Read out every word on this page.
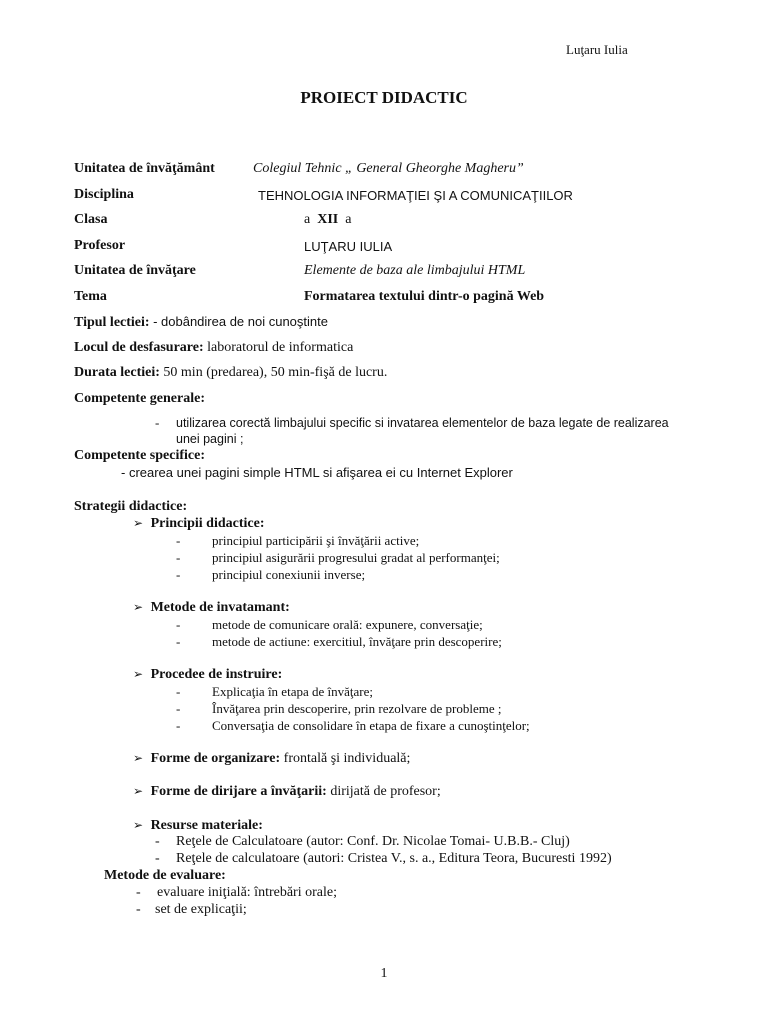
Luţaru Iulia
PROIECT DIDACTIC
Unitatea de învăţământ	Colegiul Tehnic „ General Gheorghe Magheru”
Disciplina	TEHNOLOGIA INFORMAŢIEI ŞI A COMUNICAŢIILOR
Clasa	a XII a
Profesor	LUŢARU IULIA
Unitatea de învăţare	Elemente de baza ale limbajului HTML
Tema	Formatarea textului dintr-o pagină Web
Tipul lectiei: - dobândirea de noi cunoştinte
Locul de desfasurare: laboratorul de informatica
Durata lectiei: 50 min (predarea), 50 min-fişă de lucru.
Competente generale:
- utilizarea corectă limbajului specific si invatarea elementelor de baza legate de realizarea
unei pagini ;
Competente specifice:
- crearea unei pagini simple HTML si afişarea ei cu Internet Explorer
Strategii didactice:
➢ Principii didactice:
- principiul participării şi învăţării active;
- principiul asigurării progresului gradat al performanţei;
- principiul conexiunii inverse;
➢ Metode de invatamant:
- metode de comunicare orală: expunere, conversaţie;
- metode de actiune: exercitiul, învăţare prin descoperire;
➢ Procedee de instruire:
- Explicaţia în etapa de învăţare;
- Învăţarea prin descoperire, prin rezolvare de probleme ;
- Conversaţia de consolidare în etapa de fixare a cunoştinţelor;
➢ Forme de organizare: frontală şi individuală;
➢ Forme de dirijare a învăţarii: dirijată de profesor;
➢ Resurse materiale:
- Reţele de Calculatoare (autor: Conf. Dr. Nicolae Tomai- U.B.B.- Cluj)
- Reţele de calculatoare (autori: Cristea V., s. a., Editura Teora, Bucuresti 1992)
Metode de evaluare:
- evaluare iniţială: întrebări orale;
- set de explicaţii;
1
